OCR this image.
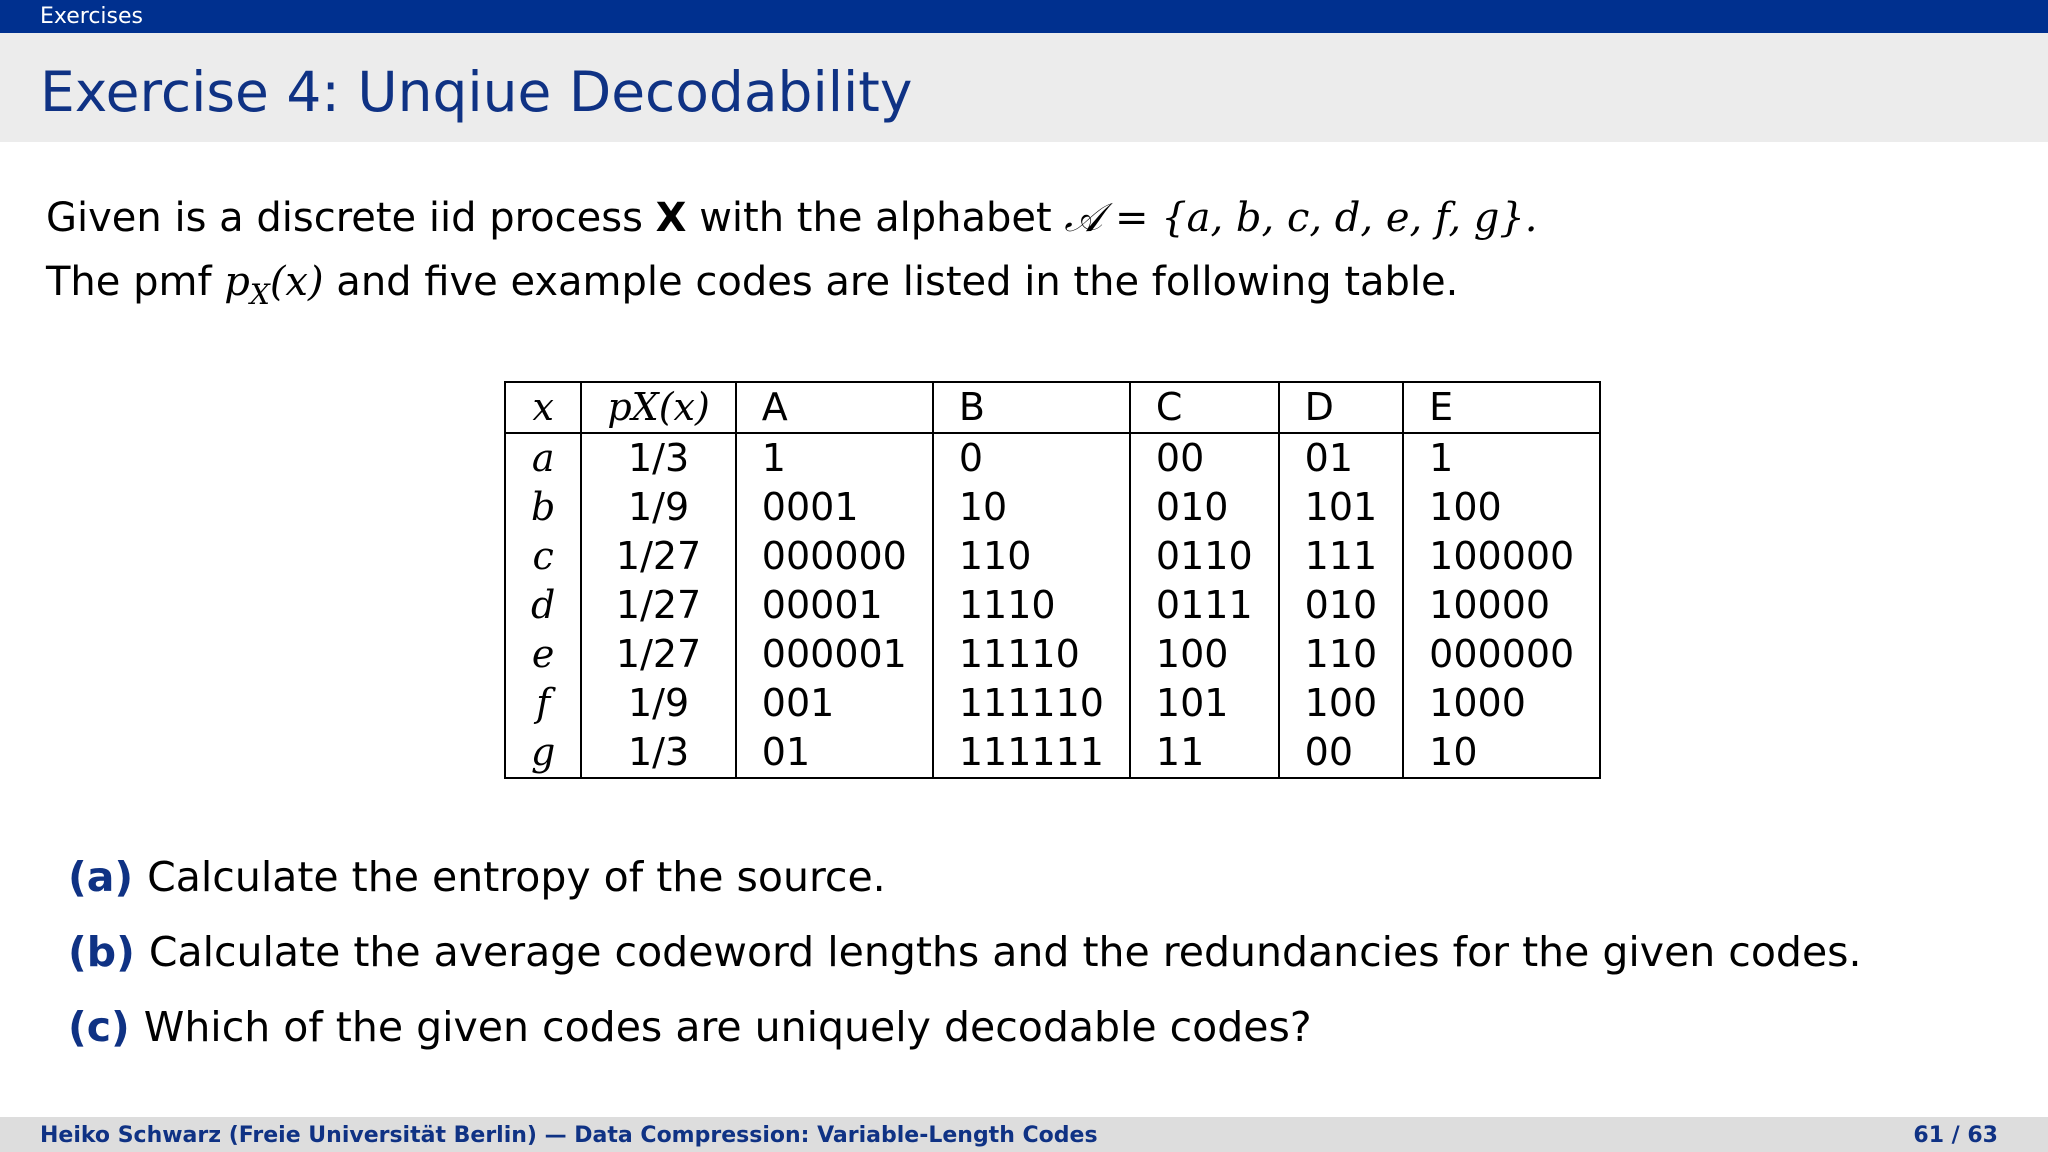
Exercises
Exercise 4: Unqiue Decodability
Given is a discrete iid process X with the alphabet 𝒜 = {a, b, c, d, e, f, g}.
The pmf $p_X(x)$ and five example codes are listed in the following table.
x	pX(x)	A	B	C	D	E
a	1/3	1	0	00	01	1
b	1/9	0001	10	010	101	100
c	1/27	000000	110	0110	111	100000
d	1/27	00001	1110	0111	010	10000
e	1/27	000001	11110	100	110	000000
f	1/9	001	111110	101	100	1000
g	1/3	01	111111	11	00	10
(a) Calculate the entropy of the source.
(b) Calculate the average codeword lengths and the redundancies for the given codes.
(c) Which of the given codes are uniquely decodable codes?
Heiko Schwarz (Freie Universität Berlin) — Data Compression: Variable-Length Codes	61 / 63
